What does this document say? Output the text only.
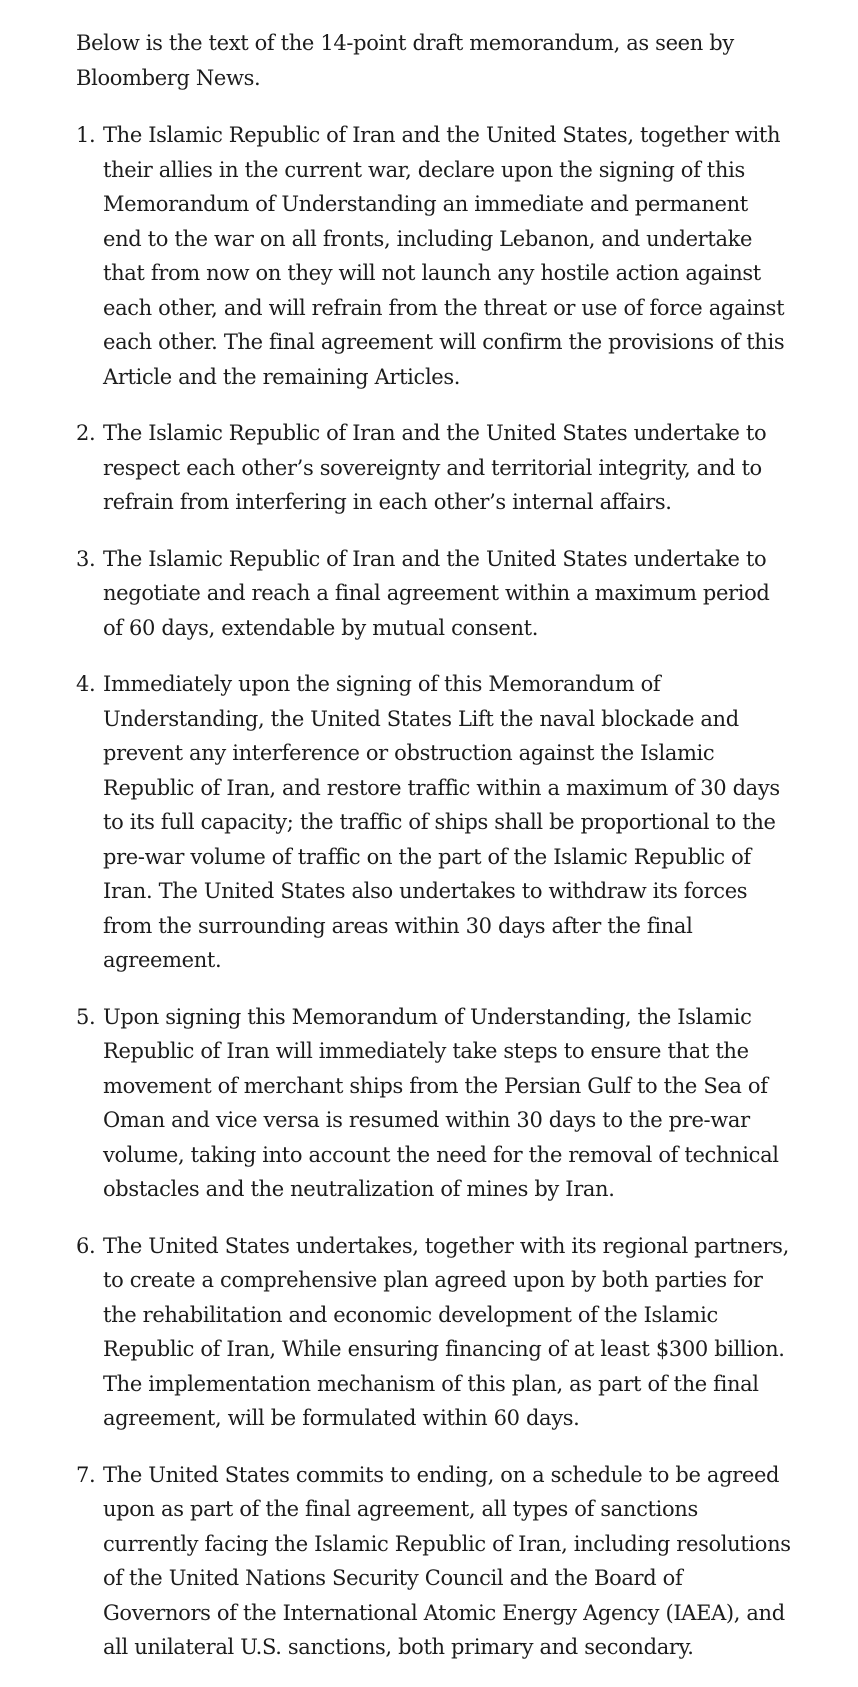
Below is the text of the 14-point draft memorandum, as seen by Bloomberg News.

1. The Islamic Republic of Iran and the United States, together with their allies in the current war, declare upon the signing of this Memorandum of Understanding an immediate and permanent end to the war on all fronts, including Lebanon, and undertake that from now on they will not launch any hostile action against each other, and will refrain from the threat or use of force against each other. The final agreement will confirm the provisions of this Article and the remaining Articles.
2. The Islamic Republic of Iran and the United States undertake to respect each other’s sovereignty and territorial integrity, and to refrain from interfering in each other’s internal affairs.
3. The Islamic Republic of Iran and the United States undertake to negotiate and reach a final agreement within a maximum period of 60 days, extendable by mutual consent.
4. Immediately upon the signing of this Memorandum of Understanding, the United States Lift the naval blockade and prevent any interference or obstruction against the Islamic Republic of Iran, and restore traffic within a maximum of 30 days to its full capacity; the traffic of ships shall be proportional to the pre-war volume of traffic on the part of the Islamic Republic of Iran. The United States also undertakes to withdraw its forces from the surrounding areas within 30 days after the final agreement.
5. Upon signing this Memorandum of Understanding, the Islamic Republic of Iran will immediately take steps to ensure that the movement of merchant ships from the Persian Gulf to the Sea of Oman and vice versa is resumed within 30 days to the pre-war volume, taking into account the need for the removal of technical obstacles and the neutralization of mines by Iran.
6. The United States undertakes, together with its regional partners, to create a comprehensive plan agreed upon by both parties for the rehabilitation and economic development of the Islamic Republic of Iran, While ensuring financing of at least $300 billion. The implementation mechanism of this plan, as part of the final agreement, will be formulated within 60 days.
7. The United States commits to ending, on a schedule to be agreed upon as part of the final agreement, all types of sanctions currently facing the Islamic Republic of Iran, including resolutions of the United Nations Security Council and the Board of Governors of the International Atomic Energy Agency (IAEA), and all unilateral U.S. sanctions, both primary and secondary.
